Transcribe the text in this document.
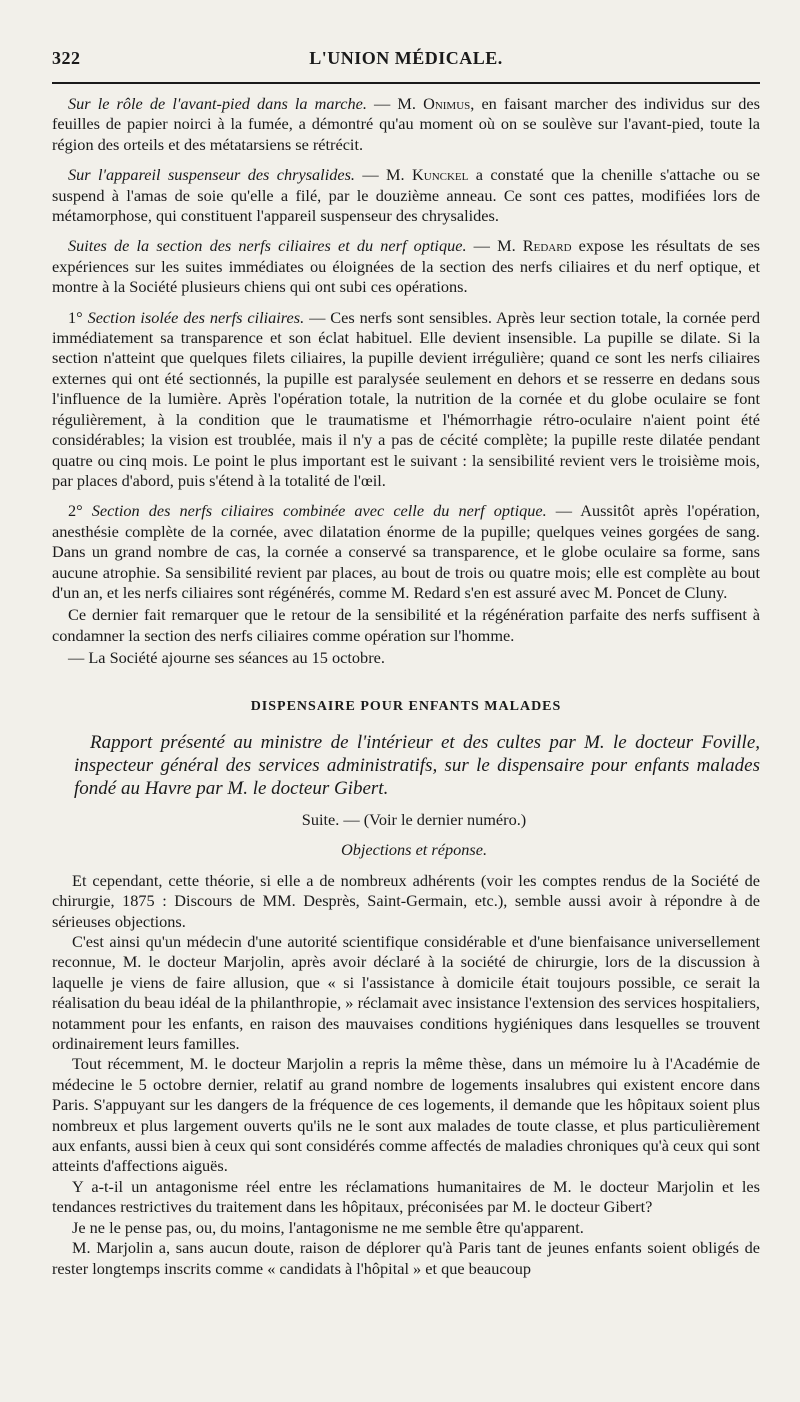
322	L'UNION MÉDICALE.

Sur le rôle de l'avant-pied dans la marche. — M. Onimus, en faisant marcher des individus sur des feuilles de papier noirci à la fumée, a démontré qu'au moment où on se soulève sur l'avant-pied, toute la région des orteils et des métatarsiens se rétrécit.

Sur l'appareil suspenseur des chrysalides. — M. Kunckel a constaté que la chenille s'attache ou se suspend à l'amas de soie qu'elle a filé, par le douzième anneau. Ce sont ces pattes, modifiées lors de métamorphose, qui constituent l'appareil suspenseur des chrysalides.

Suites de la section des nerfs ciliaires et du nerf optique. — M. Redard expose les résultats de ses expériences sur les suites immédiates ou éloignées de la section des nerfs ciliaires et du nerf optique, et montre à la Société plusieurs chiens qui ont subi ces opérations.

1° Section isolée des nerfs ciliaires. — Ces nerfs sont sensibles. Après leur section totale, la cornée perd immédiatement sa transparence et son éclat habituel. Elle devient insensible. La pupille se dilate. Si la section n'atteint que quelques filets ciliaires, la pupille devient irrégulière; quand ce sont les nerfs ciliaires externes qui ont été sectionnés, la pupille est paralysée seulement en dehors et se resserre en dedans sous l'influence de la lumière. Après l'opération totale, la nutrition de la cornée et du globe oculaire se font régulièrement, à la condition que le traumatisme et l'hémorrhagie rétro-oculaire n'aient point été considérables; la vision est troublée, mais il n'y a pas de cécité complète; la pupille reste dilatée pendant quatre ou cinq mois. Le point le plus important est le suivant : la sensibilité revient vers le troisième mois, par places d'abord, puis s'étend à la totalité de l'œil.

2° Section des nerfs ciliaires combinée avec celle du nerf optique. — Aussitôt après l'opération, anesthésie complète de la cornée, avec dilatation énorme de la pupille; quelques veines gorgées de sang. Dans un grand nombre de cas, la cornée a conservé sa transparence, et le globe oculaire sa forme, sans aucune atrophie. Sa sensibilité revient par places, au bout de trois ou quatre mois; elle est complète au bout d'un an, et les nerfs ciliaires sont régénérés, comme M. Redard s'en est assuré avec M. Poncet de Cluny.

Ce dernier fait remarquer que le retour de la sensibilité et la régénération parfaite des nerfs suffisent à condamner la section des nerfs ciliaires comme opération sur l'homme.

— La Société ajourne ses séances au 15 octobre.

DISPENSAIRE POUR ENFANTS MALADES

Rapport présenté au ministre de l'intérieur et des cultes par M. le docteur Foville, inspecteur général des services administratifs, sur le dispensaire pour enfants malades fondé au Havre par M. le docteur Gibert.

Suite. — (Voir le dernier numéro.)

Objections et réponse.

Et cependant, cette théorie, si elle a de nombreux adhérents (voir les comptes rendus de la Société de chirurgie, 1875 : Discours de MM. Desprès, Saint-Germain, etc.), semble aussi avoir à répondre à de sérieuses objections.

C'est ainsi qu'un médecin d'une autorité scientifique considérable et d'une bienfaisance universellement reconnue, M. le docteur Marjolin, après avoir déclaré à la société de chirurgie, lors de la discussion à laquelle je viens de faire allusion, que « si l'assistance à domicile était toujours possible, ce serait la réalisation du beau idéal de la philanthropie, » réclamait avec insistance l'extension des services hospitaliers, notamment pour les enfants, en raison des mauvaises conditions hygiéniques dans lesquelles se trouvent ordinairement leurs familles.

Tout récemment, M. le docteur Marjolin a repris la même thèse, dans un mémoire lu à l'Académie de médecine le 5 octobre dernier, relatif au grand nombre de logements insalubres qui existent encore dans Paris. S'appuyant sur les dangers de la fréquence de ces logements, il demande que les hôpitaux soient plus nombreux et plus largement ouverts qu'ils ne le sont aux malades de toute classe, et plus particulièrement aux enfants, aussi bien à ceux qui sont considérés comme affectés de maladies chroniques qu'à ceux qui sont atteints d'affections aiguës.

Y a-t-il un antagonisme réel entre les réclamations humanitaires de M. le docteur Marjolin et les tendances restrictives du traitement dans les hôpitaux, préconisées par M. le docteur Gibert?

Je ne le pense pas, ou, du moins, l'antagonisme ne me semble être qu'apparent.

M. Marjolin a, sans aucun doute, raison de déplorer qu'à Paris tant de jeunes enfants soient obligés de rester longtemps inscrits comme « candidats à l'hôpital » et que beaucoup
